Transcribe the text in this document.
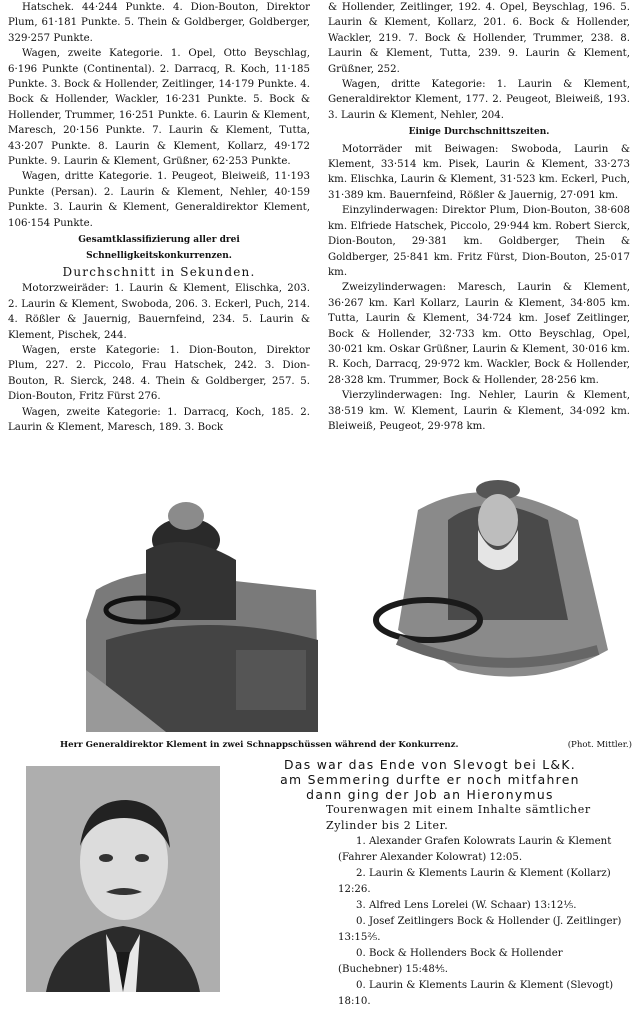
Hatschek. 44·244 Punkte. 4. Dion-Bouton, Direktor Plum, 61·181 Punkte. 5. Thein & Goldberger, Goldberger, 329·257 Punkte.

Wagen, zweite Kategorie. 1. Opel, Otto Beyschlag, 6·196 Punkte (Continental). 2. Darracq, R. Koch, 11·185 Punkte. 3. Bock & Hollender, Zeitlinger, 14·179 Punkte. 4. Bock & Hollender, Wackler, 16·231 Punkte. 5. Bock & Hollender, Trummer, 16·251 Punkte. 6. Laurin & Klement, Maresch, 20·156 Punkte. 7. Laurin & Klement, Tutta, 43·207 Punkte. 8. Laurin & Klement, Kollarz, 49·172 Punkte. 9. Laurin & Klement, Grüßner, 62·253 Punkte.

Wagen, dritte Kategorie. 1. Peugeot, Bleiweiß, 11·193 Punkte (Persan). 2. Laurin & Klement, Nehler, 40·159 Punkte. 3. Laurin & Klement, Generaldirektor Klement, 106·154 Punkte.

Gesamtklassifizierung aller drei Schnelligkeitskonkurrenzen.

Durchschnitt in Sekunden.

Motorzweiräder: 1. Laurin & Klement, Elischka, 203. 2. Laurin & Klement, Swoboda, 206. 3. Eckerl, Puch, 214. 4. Rößler & Jauernig, Bauernfeind, 234. 5. Laurin & Klement, Pischek, 244.

Wagen, erste Kategorie: 1. Dion-Bouton, Direktor Plum, 227. 2. Piccolo, Frau Hatschek, 242. 3. Dion-Bouton, R. Sierck, 248. 4. Thein & Goldberger, 257. 5. Dion-Bouton, Fritz Fürst 276.

Wagen, zweite Kategorie: 1. Darracq, Koch, 185. 2. Laurin & Klement, Maresch, 189. 3. Bock

& Hollender, Zeitlinger, 192. 4. Opel, Beyschlag, 196. 5. Laurin & Klement, Kollarz, 201. 6. Bock & Hollender, Wackler, 219. 7. Bock & Hollender, Trummer, 238. 8. Laurin & Klement, Tutta, 239. 9. Laurin & Klement, Grüßner, 252.

Wagen, dritte Kategorie: 1. Laurin & Klement, Generaldirektor Klement, 177. 2. Peugeot, Bleiweiß, 193. 3. Laurin & Klement, Nehler, 204.

Einige Durchschnittszeiten.

Motorräder mit Beiwagen: Swoboda, Laurin & Klement, 33·514 km. Pisek, Laurin & Klement, 33·273 km. Elischka, Laurin & Klement, 31·523 km. Eckerl, Puch, 31·389 km. Bauernfeind, Rößler & Jauernig, 27·091 km.

Einzylinderwagen: Direktor Plum, Dion-Bouton, 38·608 km. Elfriede Hatschek, Piccolo, 29·944 km. Robert Sierck, Dion-Bouton, 29·381 km. Goldberger, Thein & Goldberger, 25·841 km. Fritz Fürst, Dion-Bouton, 25·017 km.

Zweizylinderwagen: Maresch, Laurin & Klement, 36·267 km. Karl Kollarz, Laurin & Klement, 34·805 km. Tutta, Laurin & Klement, 34·724 km. Josef Zeitlinger, Bock & Hollender, 32·733 km. Otto Beyschlag, Opel, 30·021 km. Oskar Grüßner, Laurin & Klement, 30·016 km. R. Koch, Darracq, 29·972 km. Wackler, Bock & Hollender, 28·328 km. Trummer, Bock & Hollender, 28·256 km.

Vierzylinderwagen: Ing. Nehler, Laurin & Klement, 38·519 km. W. Klement, Laurin & Klement, 34·092 km. Bleiweiß, Peugeot, 29·978 km.

Herr Generaldirektor Klement in zwei Schnappschüssen während der Konkurrenz.	(Phot. Mittler.)
Das war das Ende von Slevogt bei L&K.
am Semmering durfte er noch mitfahren
dann ging der Job an Hieronymus

Tourenwagen mit einem Inhalte sämtlicher Zylinder bis 2 Liter.

1. Alexander Grafen Kolowrats Laurin & Klement (Fahrer Alexander Kolowrat) 12:05.

2. Laurin & Klements Laurin & Klement (Kollarz) 12:26.

3. Alfred Lens Lorelei (W. Schaar) 13:12⅕.

0. Josef Zeitlingers Bock & Hollender (J. Zeitlinger) 13:15⅖.

0. Bock & Hollenders Bock & Hollender (Buchebner) 15:48⅘.

0. Laurin & Klements Laurin & Klement (Slevogt) 18:10.
